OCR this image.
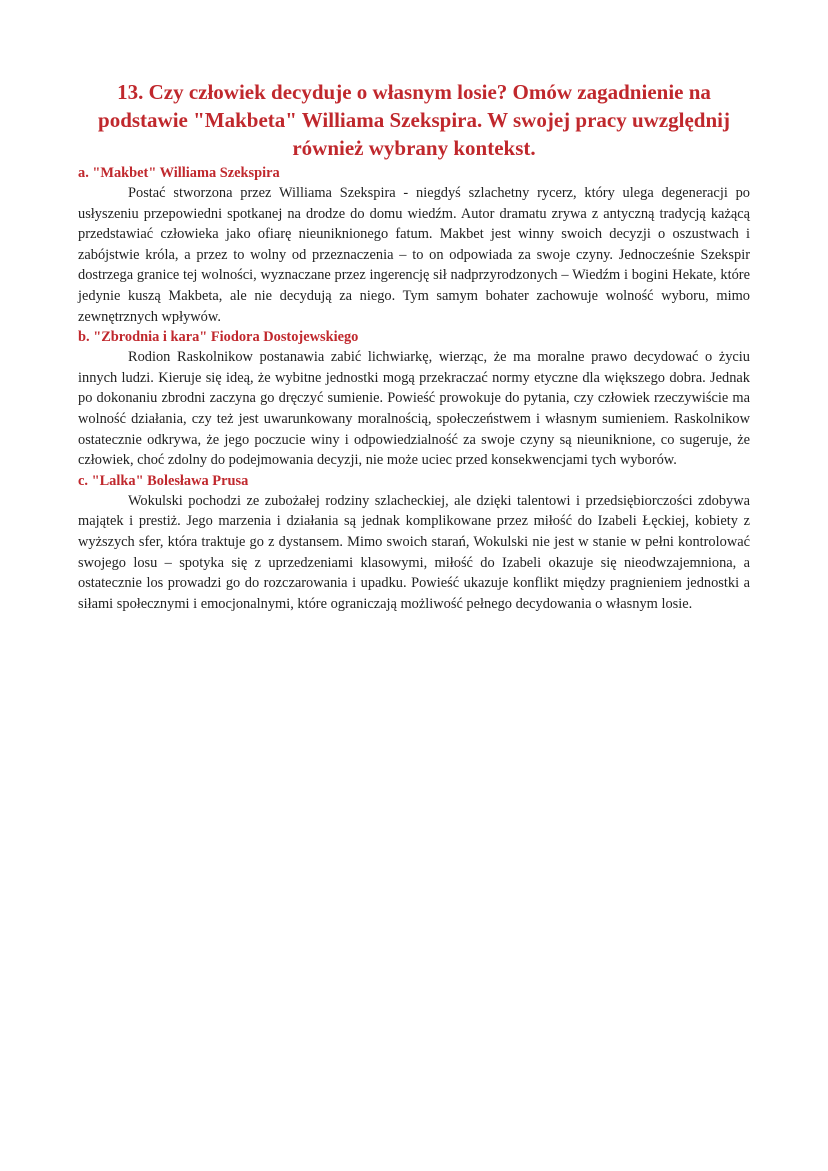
13. Czy człowiek decyduje o własnym losie? Omów zagadnienie na podstawie "Makbeta" Williama Szekspira. W swojej pracy uwzględnij również wybrany kontekst.
a. "Makbet" Williama Szekspira

Postać stworzona przez Williama Szekspira - niegdyś szlachetny rycerz, który ulega degeneracji po usłyszeniu przepowiedni spotkanej na drodze do domu wiedźm. Autor dramatu zrywa z antyczną tradycją każącą przedstawiać człowieka jako ofiarę nieuniknionego fatum. Makbet jest winny swoich decyzji o oszustwach i zabójstwie króla, a przez to wolny od przeznaczenia – to on odpowiada za swoje czyny. Jednocześnie Szekspir dostrzega granice tej wolności, wyznaczane przez ingerencję sił nadprzyrodzonych – Wiedźm i bogini Hekate, które jedynie kuszą Makbeta, ale nie decydują za niego. Tym samym bohater zachowuje wolność wyboru, mimo zewnętrznych wpływów.

b. "Zbrodnia i kara" Fiodora Dostojewskiego

Rodion Raskolnikow postanawia zabić lichwiarkę, wierząc, że ma moralne prawo decydować o życiu innych ludzi. Kieruje się ideą, że wybitne jednostki mogą przekraczać normy etyczne dla większego dobra. Jednak po dokonaniu zbrodni zaczyna go dręczyć sumienie. Powieść prowokuje do pytania, czy człowiek rzeczywiście ma wolność działania, czy też jest uwarunkowany moralnością, społeczeństwem i własnym sumieniem. Raskolnikow ostatecznie odkrywa, że jego poczucie winy i odpowiedzialność za swoje czyny są nieuniknione, co sugeruje, że człowiek, choć zdolny do podejmowania decyzji, nie może uciec przed konsekwencjami tych wyborów.

c. "Lalka" Bolesława Prusa

Wokulski pochodzi ze zubożałej rodziny szlacheckiej, ale dzięki talentowi i przedsiębiorczości zdobywa majątek i prestiż. Jego marzenia i działania są jednak komplikowane przez miłość do Izabeli Łęckiej, kobiety z wyższych sfer, która traktuje go z dystansem. Mimo swoich starań, Wokulski nie jest w stanie w pełni kontrolować swojego losu – spotyka się z uprzedzeniami klasowymi, miłość do Izabeli okazuje się nieodwzajemniona, a ostatecznie los prowadzi go do rozczarowania i upadku. Powieść ukazuje konflikt między pragnieniem jednostki a siłami społecznymi i emocjonalnymi, które ograniczają możliwość pełnego decydowania o własnym losie.
